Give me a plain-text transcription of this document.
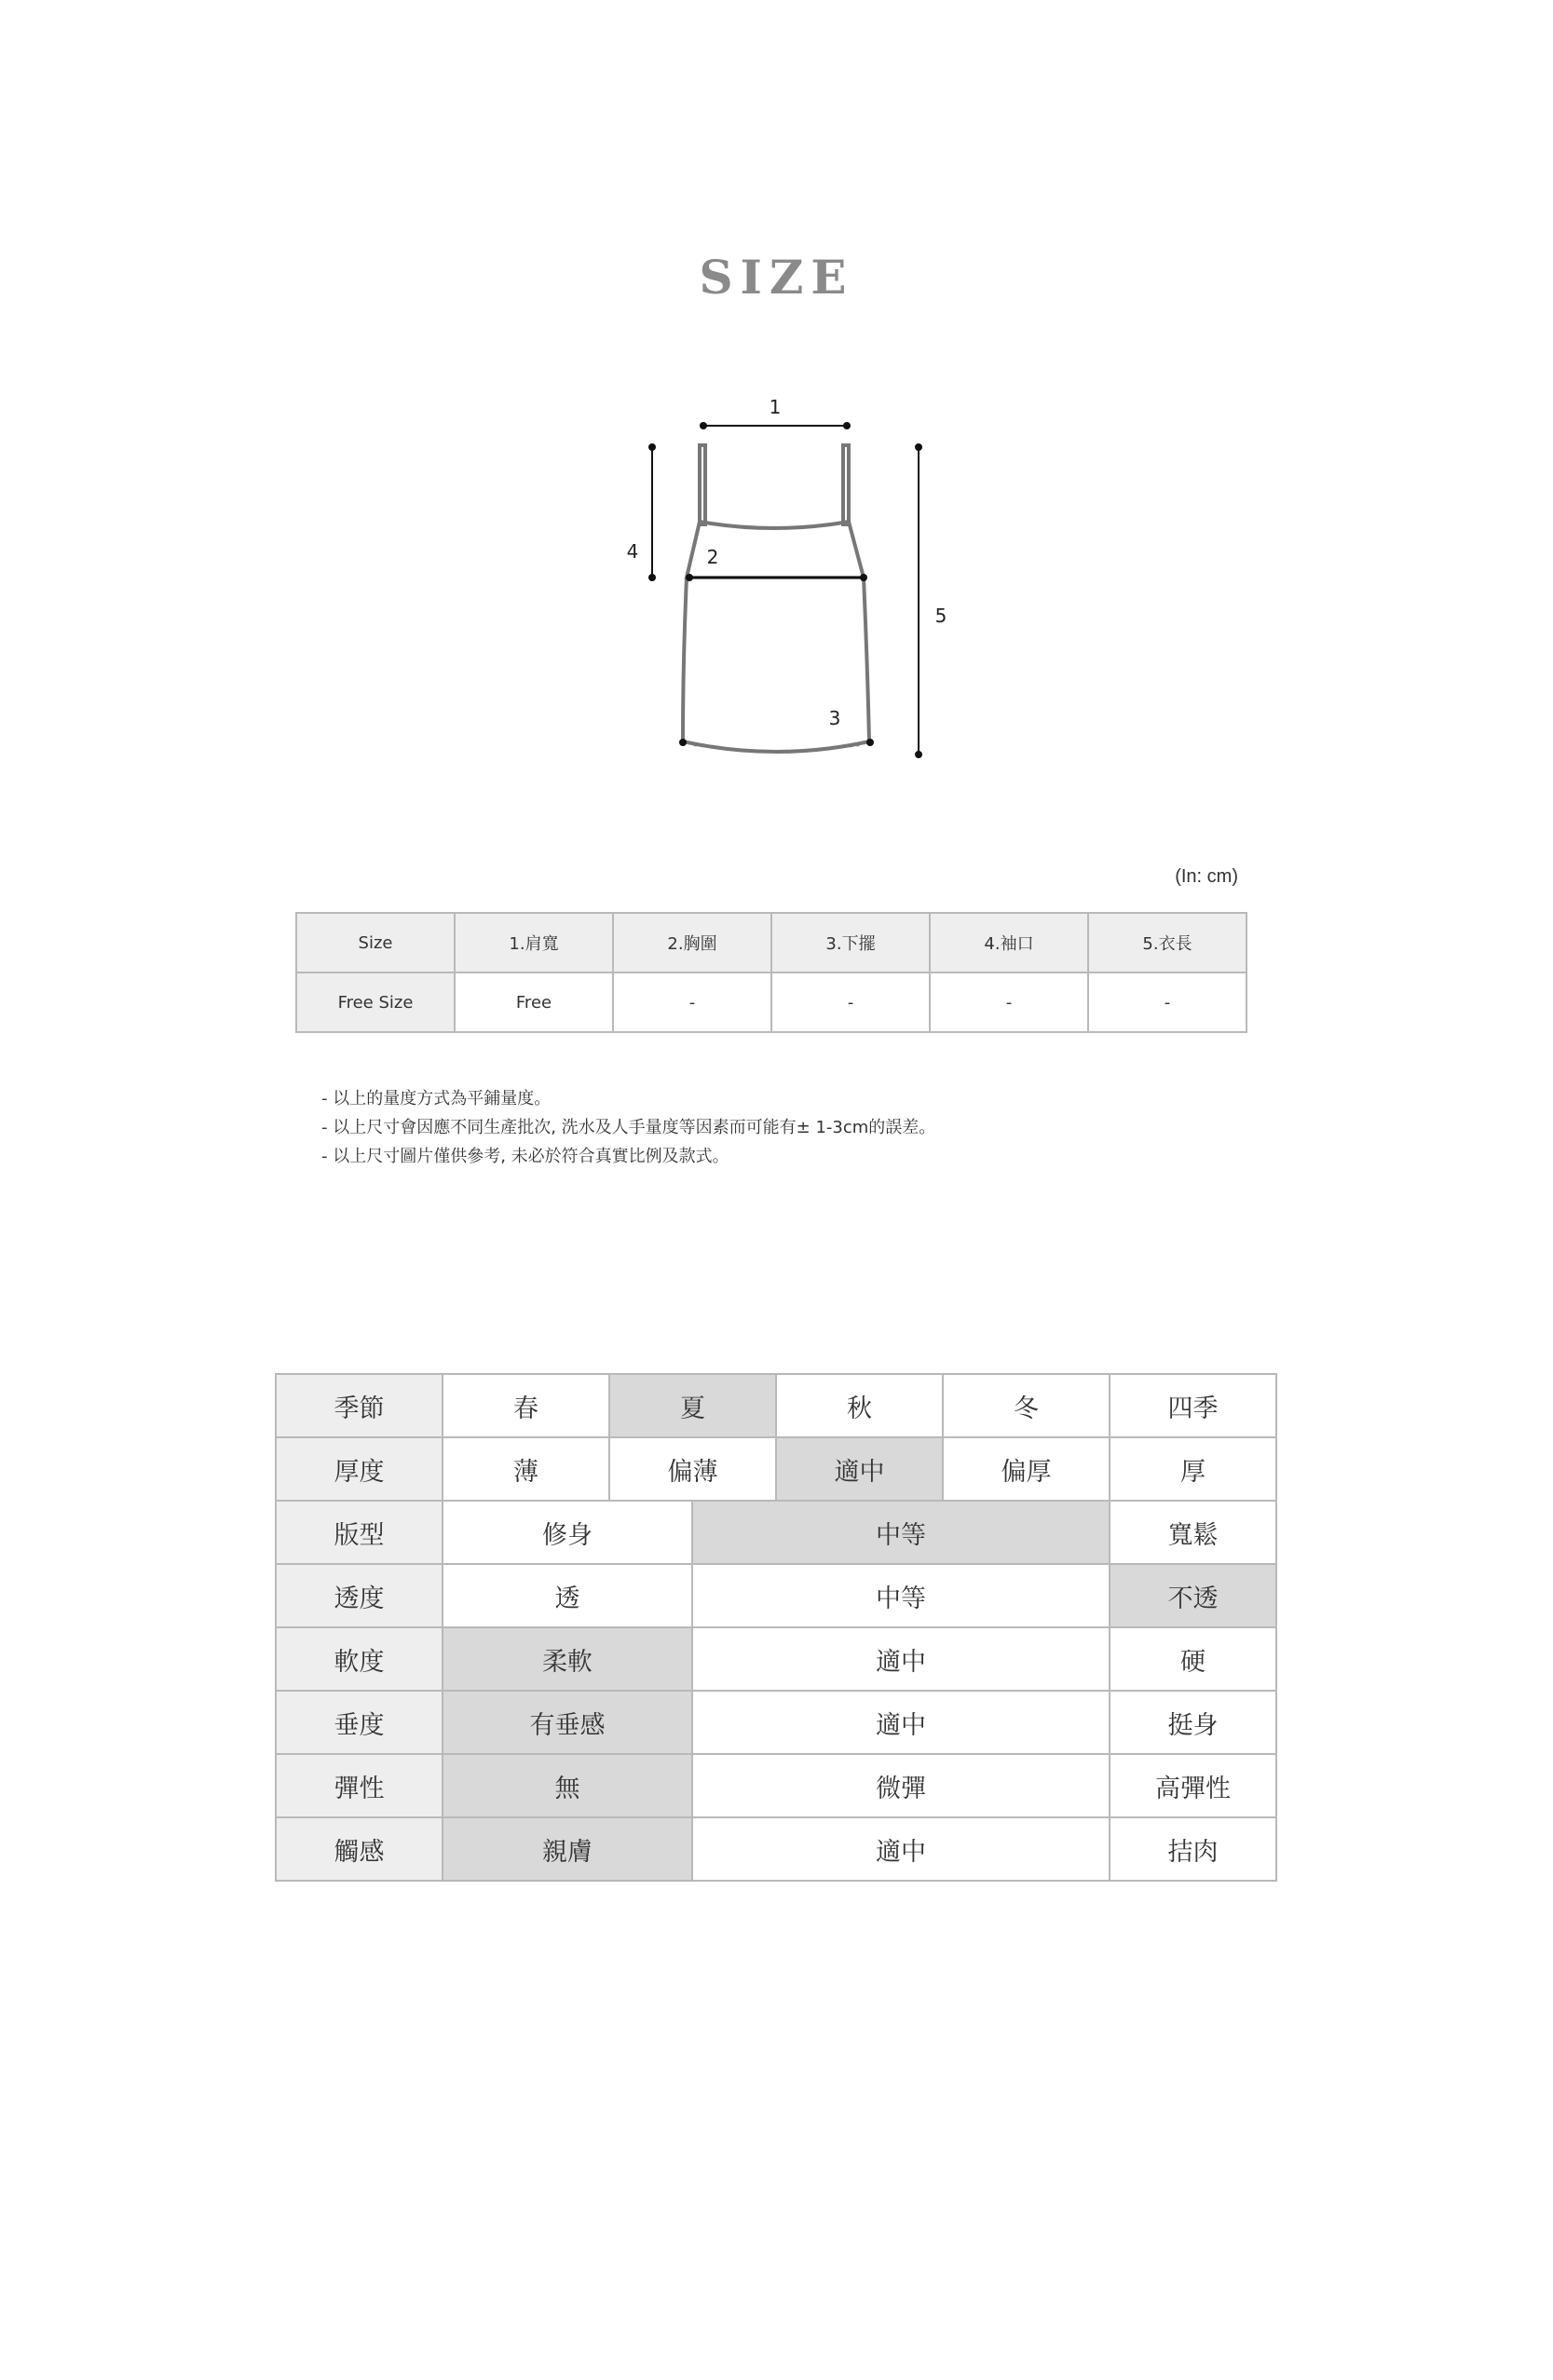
SIZE
1
2
3
4
5
(In: cm)
Size	1.肩寬	2.胸圍	3.下擺	4.袖口	5.衣長
Free Size	Free	-	-	-	-
- 以上的量度方式為平鋪量度。
- 以上尺寸會因應不同生產批次, 洗水及人手量度等因素而可能有± 1-3cm的誤差。
- 以上尺寸圖片僅供參考, 未必於符合真實比例及款式。
季節	春	夏		秋	冬	四季
厚度	薄	偏薄		適中	偏厚	厚
版型	修身		中等			寬鬆
透度	透		中等			不透
軟度	柔軟		適中			硬
垂度	有垂感		適中			挺身
彈性	無		微彈			高彈性
觸感	親膚		適中			拮肉
